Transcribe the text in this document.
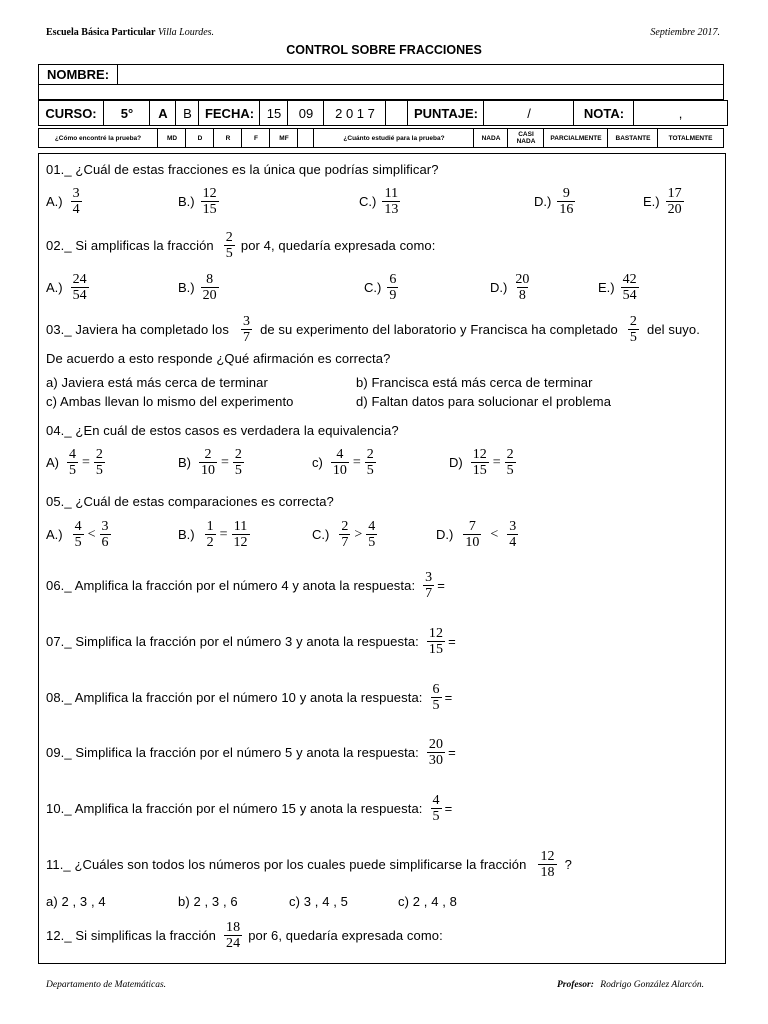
Escuela Básica Particular Villa Lourdes.	Septiembre 2017.
CONTROL SOBRE FRACCIONES
NOMBRE:
CURSO:	5°	A	B	FECHA: 15	09	2 0 1 7	PUNTAJE:	/	NOTA:	,
¿Cómo encontré la prueba?	MD	D	R	F	MF	¿Cuánto estudié para la prueba?	NADA	CASI NADA	PARCIALMENTE	BASTANTE	TOTALMENTE
01._ ¿Cuál de estas fracciones es la única que podrías simplificar?
$A.) \frac{3}{4}$	$B.) \frac{12}{15}$	$C.) \frac{11}{13}$	$D.) \frac{9}{16}$	$E.) \frac{17}{20}$
02._ Si amplificas la fracción $\frac{2}{5}$ por 4, quedaría expresada como:
$A.) \frac{24}{54}$	$B.) \frac{8}{20}$	$C.) \frac{6}{9}$	$D.) \frac{20}{8}$	$E.) \frac{42}{54}$
03._ Javiera ha completado los $\frac{3}{7}$ de su experimento del laboratorio y Francisca ha completado $\frac{2}{5}$ del suyo.
De acuerdo a esto responde ¿Qué afirmación es correcta?
a) Javiera está más cerca de terminar	b) Francisca está más cerca de terminar
c) Ambas llevan lo mismo del experimento	d) Faltan datos para solucionar el problema
04._ ¿En cuál de estos casos es verdadera la equivalencia?
$A) \frac{4}{5} = \frac{2}{5}$	$B) \frac{2}{10} = \frac{2}{5}$	$c) \frac{4}{10} = \frac{2}{5}$	$D) \frac{12}{15} = \frac{2}{5}$
05._ ¿Cuál de estas comparaciones es correcta?
$A.) \frac{4}{5} < \frac{3}{6}$	$B.) \frac{1}{2} = \frac{11}{12}$	$C.) \frac{2}{7} > \frac{4}{5}$	$D.) \frac{7}{10} < \frac{3}{4}$
06._ Amplifica la fracción por el número 4 y anota la respuesta: $\frac{3}{7}$ =
07._ Simplifica la fracción por el número 3 y anota la respuesta: $\frac{12}{15}$ =
08._ Amplifica la fracción por el número 10 y anota la respuesta: $\frac{6}{5}$ =
09._ Simplifica la fracción por el número 5 y anota la respuesta: $\frac{20}{30}$ =
10._ Amplifica la fracción por el número 15 y anota la respuesta: $\frac{4}{5}$ =
11._ ¿Cuáles son todos los números por los cuales puede simplificarse la fracción $\frac{12}{18}$ ?
a) 2 , 3 , 4	b) 2 , 3 , 6	c) 3 , 4 , 5	c) 2 , 4 , 8
12._ Si simplificas la fracción $\frac{18}{24}$ por 6, quedaría expresada como:
Departamento de Matemáticas.	Profesor: Rodrigo González Alarcón.
